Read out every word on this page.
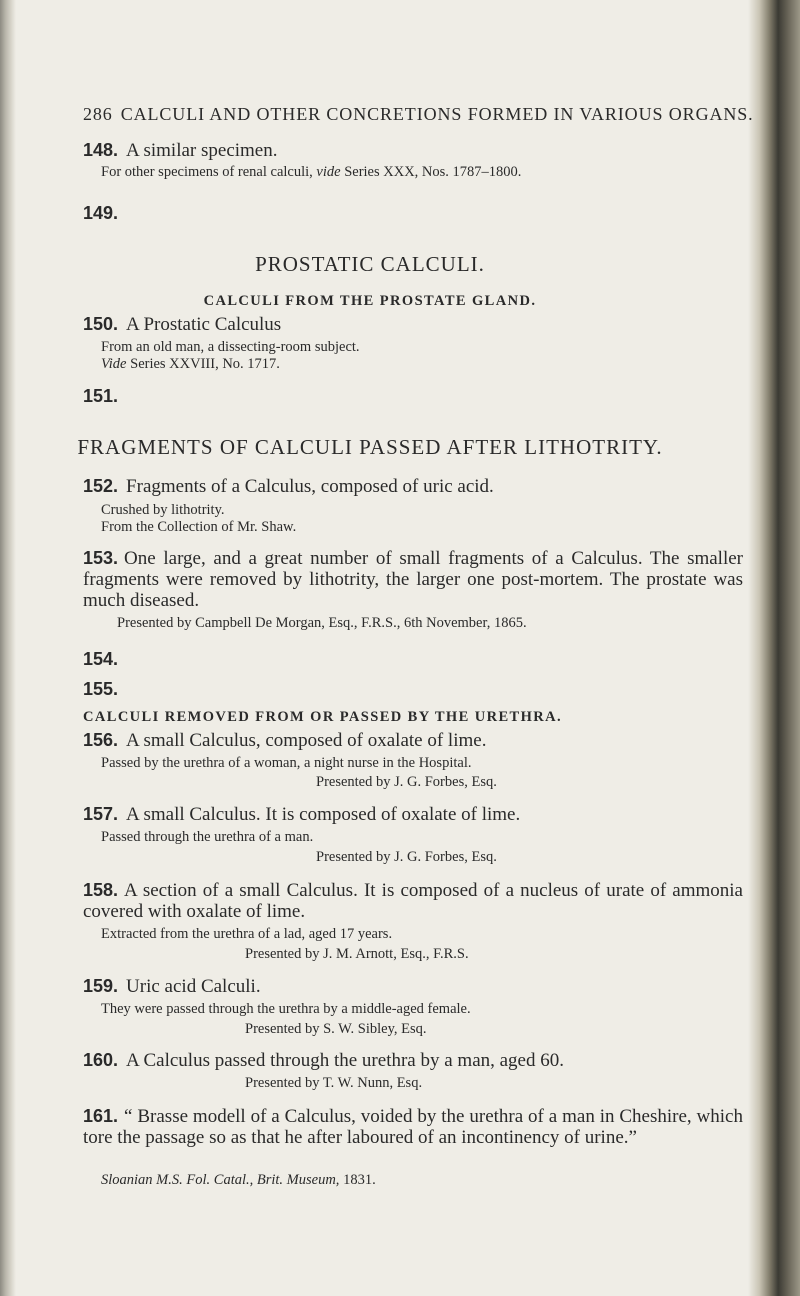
286 CALCULI AND OTHER CONCRETIONS FORMED IN VARIOUS ORGANS.
148. A similar specimen.
For other specimens of renal calculi, vide Series XXX, Nos. 1787–1800.
149.
PROSTATIC CALCULI.
CALCULI FROM THE PROSTATE GLAND.
150. A Prostatic Calculus
From an old man, a dissecting-room subject.
Vide Series XXVIII, No. 1717.
151.
FRAGMENTS OF CALCULI PASSED AFTER LITHOTRITY.
152. Fragments of a Calculus, composed of uric acid.
Crushed by lithotrity.
From the Collection of Mr. Shaw.
153. One large, and a great number of small fragments of a Calculus. The smaller fragments were removed by lithotrity, the larger one post-mortem. The prostate was much diseased.
Presented by Campbell De Morgan, Esq., F.R.S., 6th November, 1865.
154.
155.
CALCULI REMOVED FROM OR PASSED BY THE URETHRA.
156. A small Calculus, composed of oxalate of lime.
Passed by the urethra of a woman, a night nurse in the Hospital.
Presented by J. G. Forbes, Esq.
157. A small Calculus. It is composed of oxalate of lime.
Passed through the urethra of a man.
Presented by J. G. Forbes, Esq.
158. A section of a small Calculus. It is composed of a nucleus of urate of ammonia covered with oxalate of lime.
Extracted from the urethra of a lad, aged 17 years.
Presented by J. M. Arnott, Esq., F.R.S.
159. Uric acid Calculi.
They were passed through the urethra by a middle-aged female.
Presented by S. W. Sibley, Esq.
160. A Calculus passed through the urethra by a man, aged 60.
Presented by T. W. Nunn, Esq.
161. “ Brasse modell of a Calculus, voided by the urethra of a man in Cheshire, which tore the passage so as that he after laboured of an incontinency of urine.”
Sloanian M.S. Fol. Catal., Brit. Museum, 1831.
